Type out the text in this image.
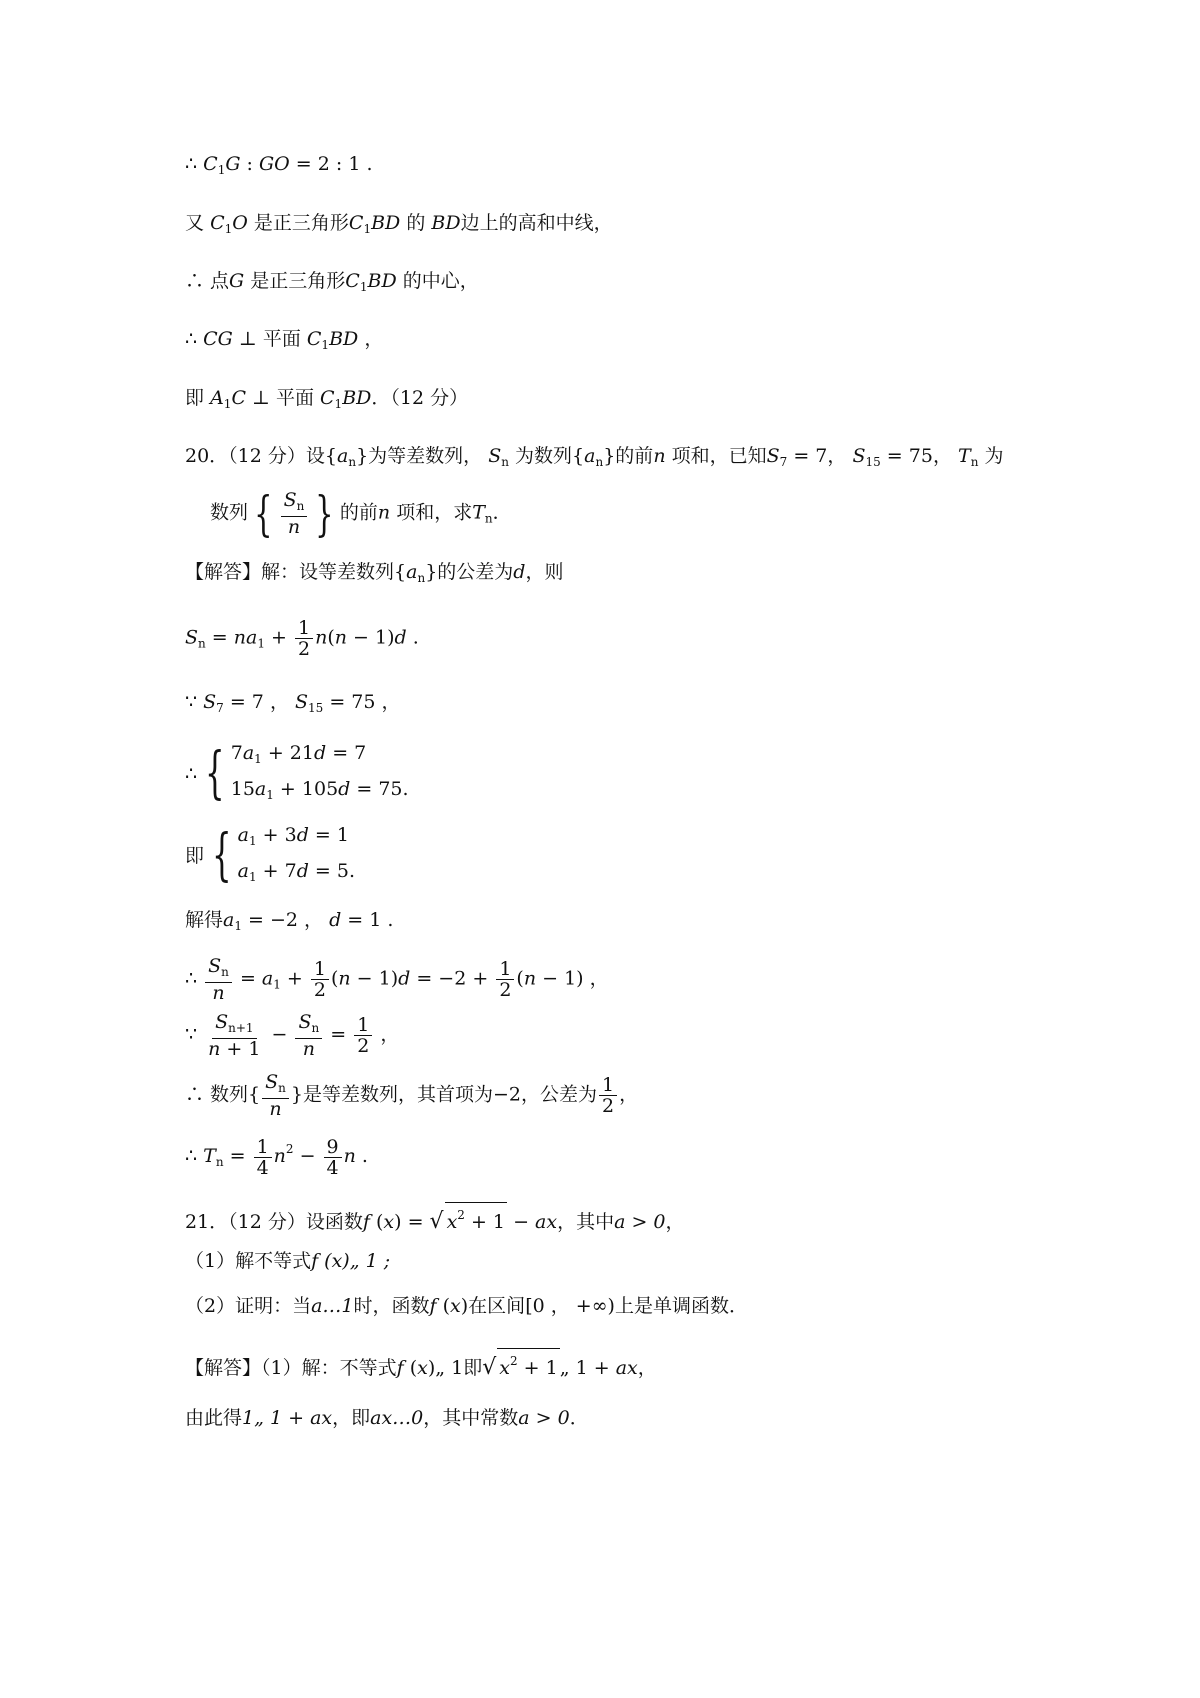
∴ $C_1G$ : GO = 2 : 1 .
又 $C_1O$ 是正三角形$C_1BD$ 的 BD边上的高和中线，
∴ 点G 是正三角形$C_1BD$ 的中心，
∴ CG ⊥ 平面 $C_1BD$ ，
即 $A_1C$ ⊥ 平面 $C_1BD$．（12 分）
20．（12 分）设$\{a_n\}$为等差数列， $S_n$ 为数列$\{a_n\}$的前n 项和，已知$S_7 = 7$， $S_{15} = 75$， $T_n$ 为
数列 { $\frac{S_n}{n}$ } 的前n 项和，求$T_n$．
【解答】解：设等差数列$\{a_n\}$的公差为d，则
$S_n = na_1 + \frac{1}{2} n(n - 1)d$ .
∵ $S_7 = 7$ ， $S_{15} = 75$ ，
∴ { $7a_1 + 21d = 7$
$15a_1 + 105d = 75$.
即 { $a_1 + 3d = 1$
$a_1 + 7d = 5$.
解得$a_1 = -2$ ， d = 1 .
∴ $\frac{S_n}{n} = a_1 + \frac{1}{2} (n - 1)d = -2 + \frac{1}{2} (n - 1)$ ，
∵ $\frac{S_{n+1}}{n + 1} - \frac{S_n}{n} = \frac{1}{2}$ ，
∴ 数列{ $\frac{S_n}{n}$ }是等差数列，其首项为−2，公差为 $\frac{1}{2}$ ，
∴ $T_n = \frac{1}{4} n^2 - \frac{9}{4}$ n .
21．（12 分）设函数f (x) = √ $x^2 + 1$ − ax，其中a > 0，
（1）解不等式f (x)„ 1 ;
（2）证明：当a…1时，函数f (x)在区间[0 ， +∞)上是单调函数．
【解答】（1）解：不等式f (x)„ 1即√ $x^2 + 1$ „ 1 + ax，
由此得1„ 1 + ax，即ax…0，其中常数a > 0．
